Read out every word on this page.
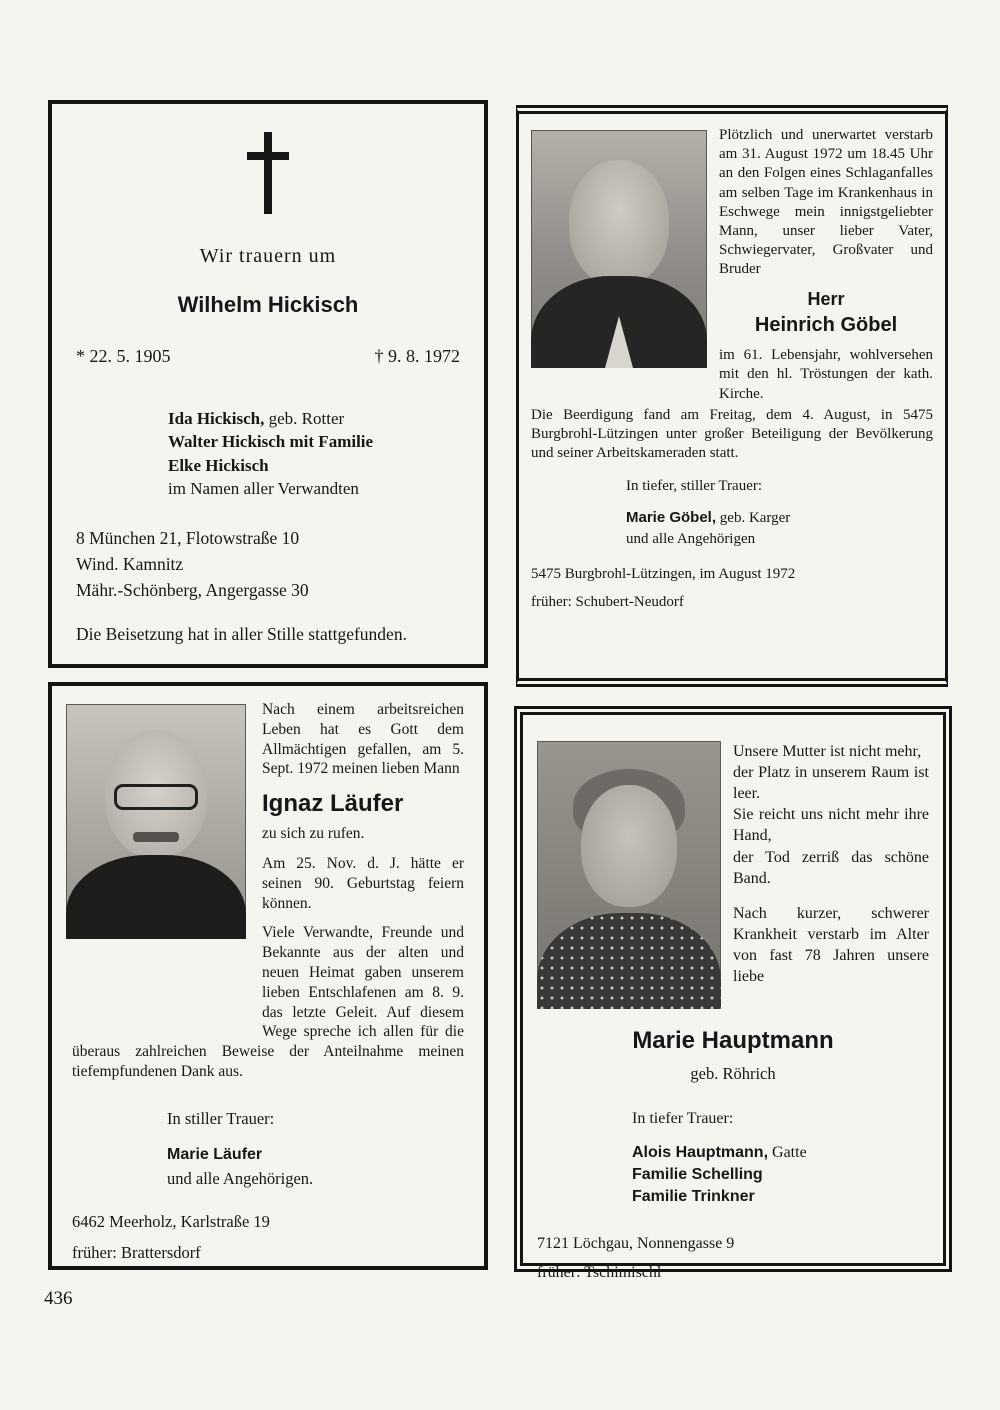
Wir trauern um

Wilhelm Hickisch
* 22. 5. 1905	† 9. 8. 1972
Ida Hickisch, geb. Rotter
Walter Hickisch mit Familie
Elke Hickisch
im Namen aller Verwandten
8 München 21, Flotowstraße 10
Wind. Kamnitz
Mähr.-Schönberg, Angergasse 30

Die Beisetzung hat in aller Stille stattgefunden.

Plötzlich und unerwartet verstarb am 31. August 1972 um 18.45 Uhr an den Folgen eines Schlaganfalles am selben Tage im Krankenhaus in Eschwege mein innigstgeliebter Mann, unser lieber Vater, Schwiegervater, Großvater und Bruder

Herr

Heinrich Göbel

im 61. Lebensjahr, wohlversehen mit den hl. Tröstungen der kath. Kirche.

Die Beerdigung fand am Freitag, dem 4. August, in 5475 Burgbrohl-Lützingen unter großer Beteiligung der Bevölkerung und seiner Arbeitskameraden statt.

In tiefer, stiller Trauer:

Marie Göbel, geb. Karger
und alle Angehörigen

5475 Burgbrohl-Lützingen, im August 1972

früher: Schubert-Neudorf

Nach einem arbeitsreichen Leben hat es Gott dem Allmächtigen gefallen, am 5. Sept. 1972 meinen lieben Mann

Ignaz Läufer

zu sich zu rufen.

Am 25. Nov. d. J. hätte er seinen 90. Geburtstag feiern können.

Viele Verwandte, Freunde und Bekannte aus der alten und neuen Heimat gaben unserem lieben Entschlafenen am 8. 9. das letzte Geleit. Auf diesem Wege spreche ich allen für die überaus zahlreichen Beweise der Anteilnahme meinen tiefempfundenen Dank aus.

In stiller Trauer:

Marie Läufer

und alle Angehörigen.

6462 Meerholz, Karlstraße 19

früher: Brattersdorf

Unsere Mutter ist nicht mehr,
der Platz in unserem Raum ist leer.
Sie reicht uns nicht mehr ihre Hand,
der Tod zerriß das schöne Band.

Nach kurzer, schwerer Krankheit verstarb im Alter von fast 78 Jahren unsere liebe

Marie Hauptmann

geb. Röhrich

In tiefer Trauer:

Alois Hauptmann, Gatte
Familie Schelling
Familie Trinkner

7121 Löchgau, Nonnengasse 9

früher: Tschimischl

436
